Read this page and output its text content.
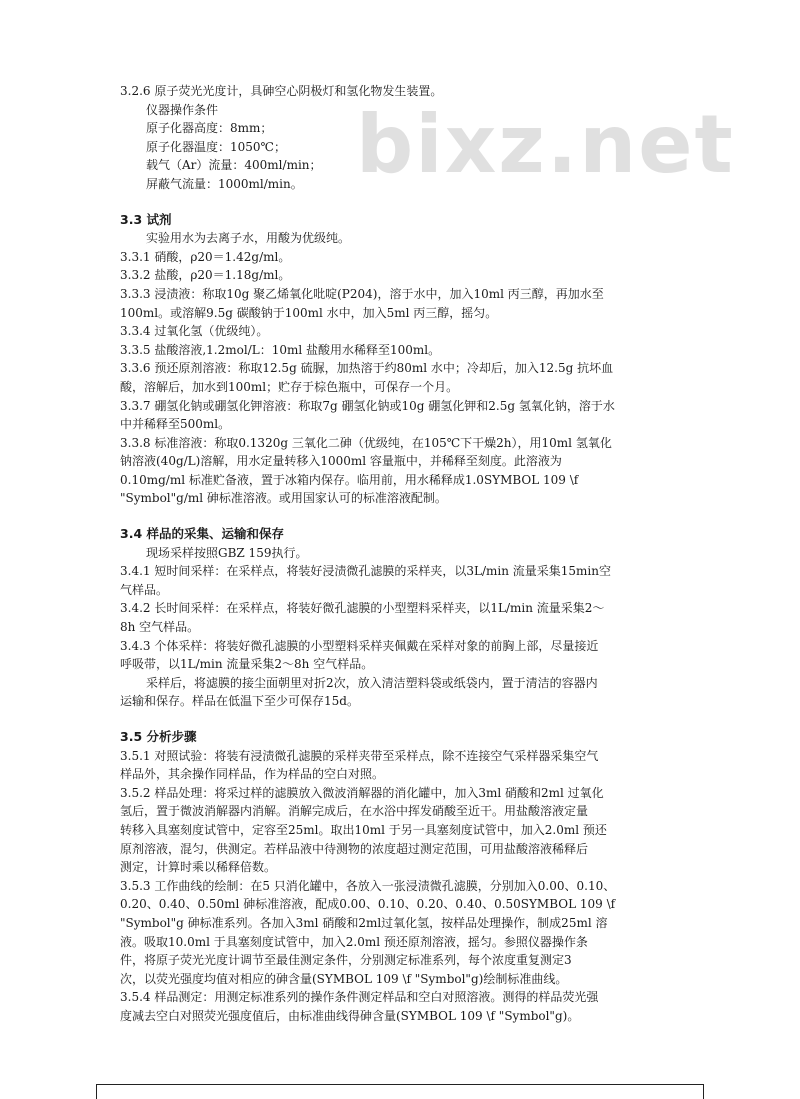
bixz.net

3.2.6 原子荧光光度计，具砷空心阴极灯和氢化物发生装置。

仪器操作条件

原子化器高度：8mm；

原子化器温度：1050℃；

载气（Ar）流量：400ml/min；

屏蔽气流量：1000ml/min。

3.3 试剂

实验用水为去离子水，用酸为优级纯。

3.3.1 硝酸，ρ20＝1.42g/ml。

3.3.2 盐酸，ρ20＝1.18g/ml。

3.3.3 浸渍液：称取10g 聚乙烯氧化吡啶(P204)，溶于水中，加入10ml 丙三醇，再加水至

100ml。或溶解9.5g 碳酸钠于100ml 水中，加入5ml 丙三醇，摇匀。

3.3.4 过氧化氢（优级纯）。

3.3.5 盐酸溶液,1.2mol/L：10ml 盐酸用水稀释至100ml。

3.3.6 预还原剂溶液：称取12.5g 硫脲，加热溶于约80ml 水中；冷却后，加入12.5g 抗坏血

酸，溶解后，加水到100ml；贮存于棕色瓶中，可保存一个月。

3.3.7 硼氢化钠或硼氢化钾溶液：称取7g 硼氢化钠或10g 硼氢化钾和2.5g 氢氧化钠，溶于水

中并稀释至500ml。

3.3.8 标准溶液：称取0.1320g 三氧化二砷（优级纯，在105℃下干燥2h），用10ml 氢氧化

钠溶液(40g/L)溶解，用水定量转移入1000ml 容量瓶中，并稀释至刻度。此溶液为

0.10mg/ml 标准贮备液，置于冰箱内保存。临用前，用水稀释成1.0SYMBOL 109 \f

"Symbol"g/ml 砷标准溶液。或用国家认可的标准溶液配制。

3.4 样品的采集、运输和保存

现场采样按照GBZ 159执行。

3.4.1 短时间采样：在采样点，将装好浸渍微孔滤膜的采样夹，以3L/min 流量采集15min空

气样品。

3.4.2 长时间采样：在采样点，将装好微孔滤膜的小型塑料采样夹，以1L/min 流量采集2～

8h 空气样品。

3.4.3 个体采样：将装好微孔滤膜的小型塑料采样夹佩戴在采样对象的前胸上部，尽量接近

呼吸带，以1L/min 流量采集2～8h 空气样品。

采样后，将滤膜的接尘面朝里对折2次，放入清洁塑料袋或纸袋内，置于清洁的容器内

运输和保存。样品在低温下至少可保存15d。

3.5 分析步骤

3.5.1 对照试验：将装有浸渍微孔滤膜的采样夹带至采样点，除不连接空气采样器采集空气

样品外，其余操作同样品，作为样品的空白对照。

3.5.2 样品处理：将采过样的滤膜放入微波消解器的消化罐中，加入3ml 硝酸和2ml 过氧化

氢后，置于微波消解器内消解。消解完成后，在水浴中挥发硝酸至近干。用盐酸溶液定量

转移入具塞刻度试管中，定容至25ml。取出10ml 于另一具塞刻度试管中，加入2.0ml 预还

原剂溶液，混匀，供测定。若样品液中待测物的浓度超过测定范围，可用盐酸溶液稀释后

测定，计算时乘以稀释倍数。

3.5.3 工作曲线的绘制：在5 只消化罐中，各放入一张浸渍微孔滤膜，分别加入0.00、0.10、

0.20、0.40、0.50ml 砷标准溶液，配成0.00、0.10、0.20、0.40、0.50SYMBOL 109 \f

"Symbol"g 砷标准系列。各加入3ml 硝酸和2ml过氧化氢，按样品处理操作，制成25ml 溶

液。吸取10.0ml 于具塞刻度试管中，加入2.0ml 预还原剂溶液，摇匀。参照仪器操作条

件，将原子荧光光度计调节至最佳测定条件，分别测定标准系列，每个浓度重复测定3

次，以荧光强度均值对相应的砷含量(SYMBOL 109 \f "Symbol"g)绘制标准曲线。

3.5.4 样品测定：用测定标准系列的操作条件测定样品和空白对照溶液。测得的样品荧光强

度减去空白对照荧光强度值后，由标准曲线得砷含量(SYMBOL 109 \f "Symbol"g)。
